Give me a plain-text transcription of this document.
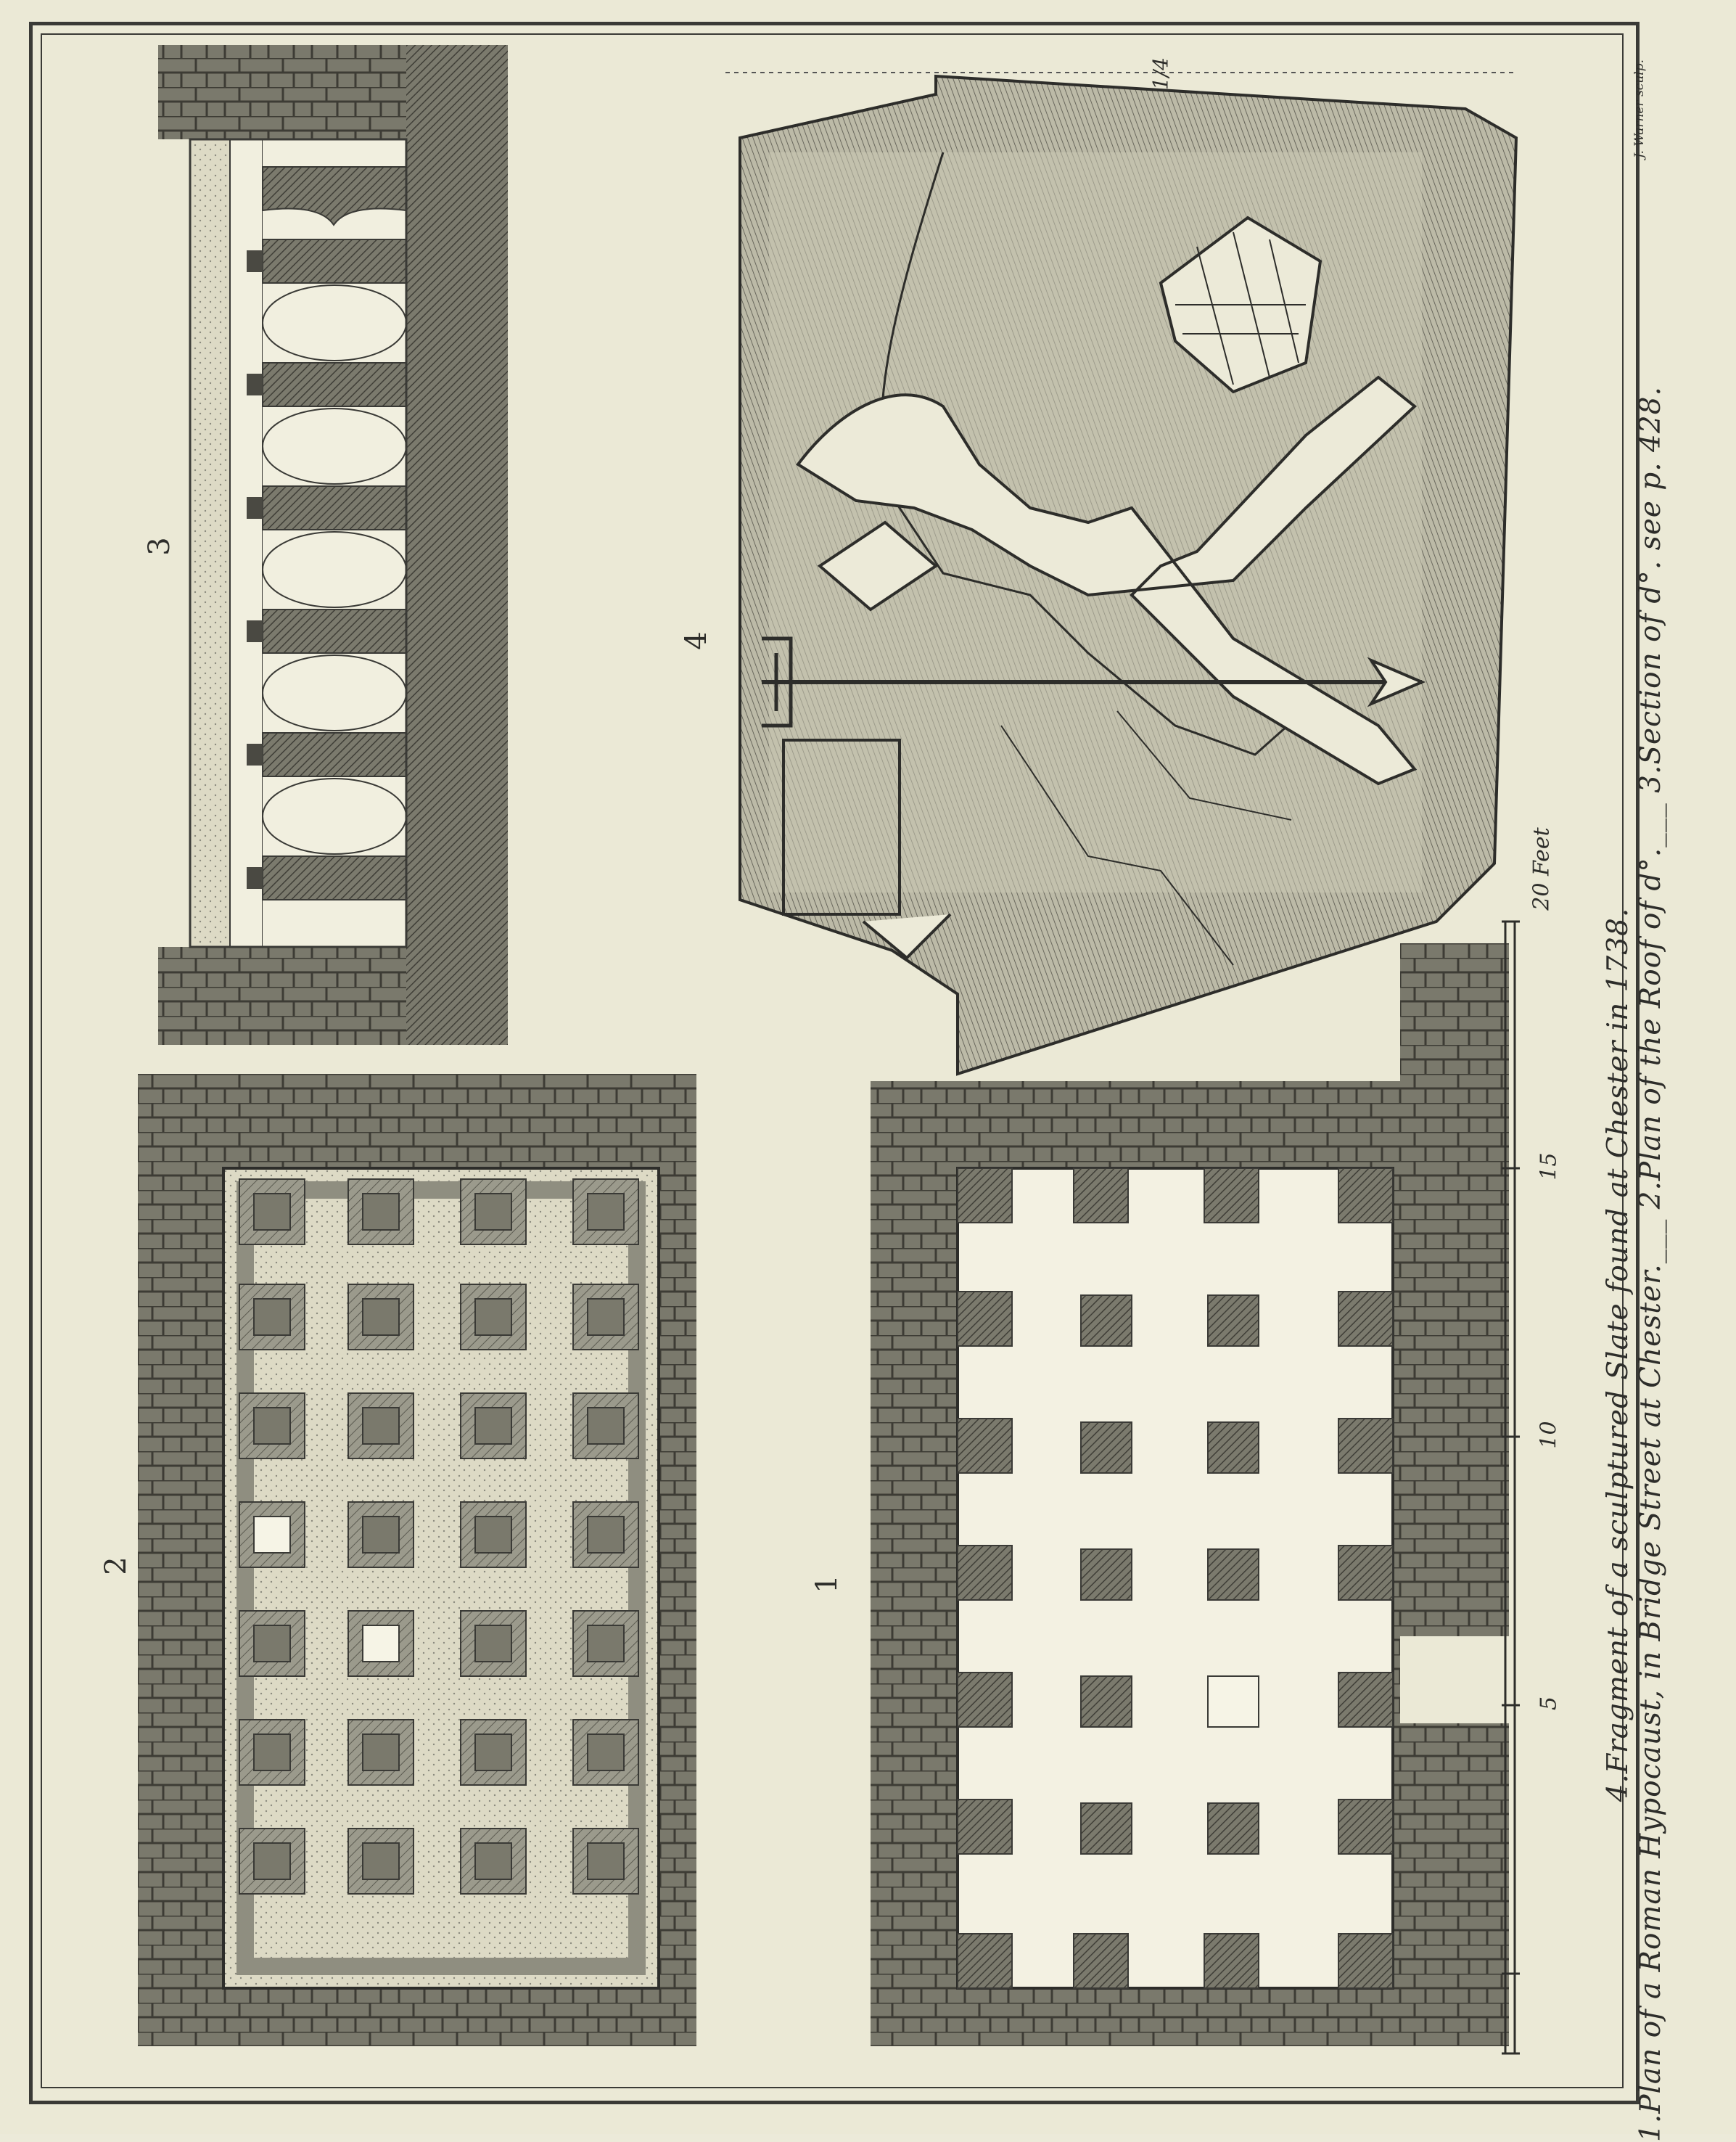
J. Warner sculp.
3
2
1
4
1/4
20 Feet
15
10
5	1.Plan of a Roman Hypocaust, in Bridge Street at Chester.___ 2.Plan of the Roof of d°.___ 3.Section of d°. see p. 428.
4.Fragment of a sculptured Slate found at Chester in 1738.
